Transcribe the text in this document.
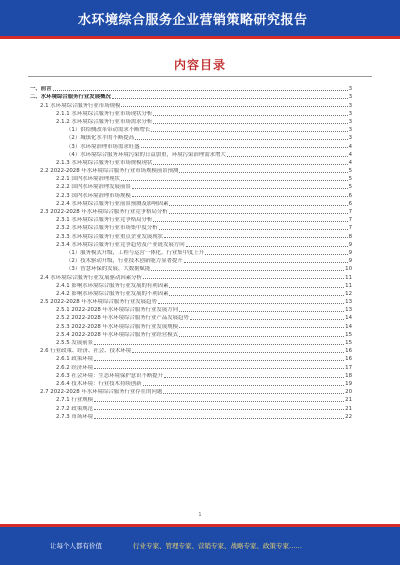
水环境综合服务企业营销策略研究报告
内容目录
一、前言	3
二、水环境综合服务行业发展概况	3
2.1 水环境综合服务行业市场规模	3
2.1.1 水环境综合服务行业市场现状分析	3
2.1.2 水环境综合服务行业市场需求分析	3
（1）供给侧改革带动需求不断增长	3
（2）城镇化水平的不断提高	3
（3）水环境治理市场需求旺盛	4
（4）水环境综合服务环境污染的日益加重，环境污染治理需求增大	4
2.1.3 水环境综合服务行业市场规模现状	4
2.2 2022-2028 年水环境综合服务行业市场规模前景预测	5
2.2.1 国内水环境治理现状	5
2.2.2 国内水环境治理发展前景	5
2.2.3 国内水环境治理市场规模	6
2.2.4 水环境综合服务行业前景预测及影响因素	6
2.3 2022-2028 年水环境综合服务行业竞争格局分析	7
2.3.1 水环境综合服务行业竞争格局分析	7
2.3.2 水环境综合服务行业市场集中度分析	7
2.3.3 水环境综合服务行业重点企业发展现状	8
2.3.4 水环境综合服务行业竞争趋势及产业链发展方向	9
（1）服务模式升级，工程与运营一体化，行业集中度上升	9
（2）技术驱动升级，行业技术创新能力显著提升	9
（3）智慧环保的发展，大数据赋能	10
2.4 水环境综合服务行业发展驱动因素分析	11
2.4.1 影响水环境综合服务行业发展的有利因素	11
2.4.2 影响水环境综合服务行业发展的不利因素	12
2.5 2022-2028 年水环境综合服务行业发展趋势	13
2.5.1 2022-2028 年水环境综合服务行业发展方向	13
2.5.2 2022-2028 年水环境综合服务行业产品发展趋势	14
2.5.3 2022-2028 年水环境综合服务行业发展规模	14
2.5.4 2022-2028 年水环境综合服务行业经营模式	15
2.5.5 发展前景	15
2.6 行业政策、经济、社会、技术环境	16
2.6.1 政策环境	16
2.6.2 经济环境	17
2.6.3 社会环境：生态环境保护意识不断提升	18
2.6.4 技术环境：行业技术持续创新	19
2.7 2022-2028 年水环境综合服务行业存在的问题	20
2.7.1 行业规模	21
2.7.2 政策规范	21
2.7.3 市场环境	22
1
让每个人都有价值	行业专家、管理专家、营销专家、战略专家、政策专家……
